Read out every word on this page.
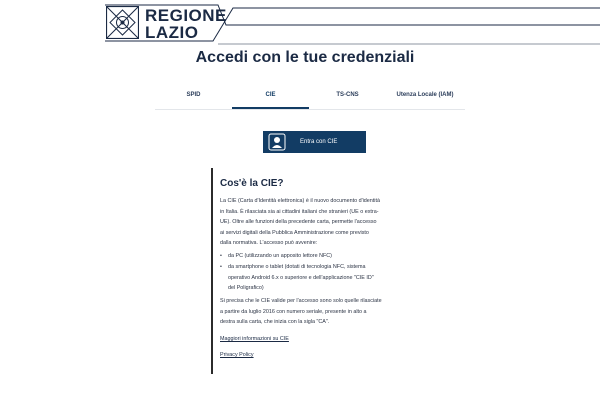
REGIONE
LAZIO
Accedi con le tue credenziali
SPID	CIE	TS-CNS	Utenza Locale (IAM)
Entra con CIE
Cos'è la CIE?
La CIE (Carta d'Identità elettronica) è il nuovo documento d'identità
in Italia. È rilasciata sia ai cittadini italiani che stranieri (UE o extra-
UE). Oltre alle funzioni della precedente carta, permette l'accesso
ai servizi digitali della Pubblica Amministrazione come previsto
dalla normativa. L'accesso può avvenire:
• da PC (utilizzando un apposito lettore NFC)
• da smartphone o tablet (dotati di tecnologia NFC, sistema
operativo Android 6.x o superiore e dell'applicazione "CIE ID"
del Poligrafico)
Si precisa che le CIE valide per l'accesso sono solo quelle rilasciate
a partire da luglio 2016 con numero seriale, presente in alto a
destra sulla carta, che inizia con la sigla "CA".
Maggiori informazioni su CIE
Privacy Policy
